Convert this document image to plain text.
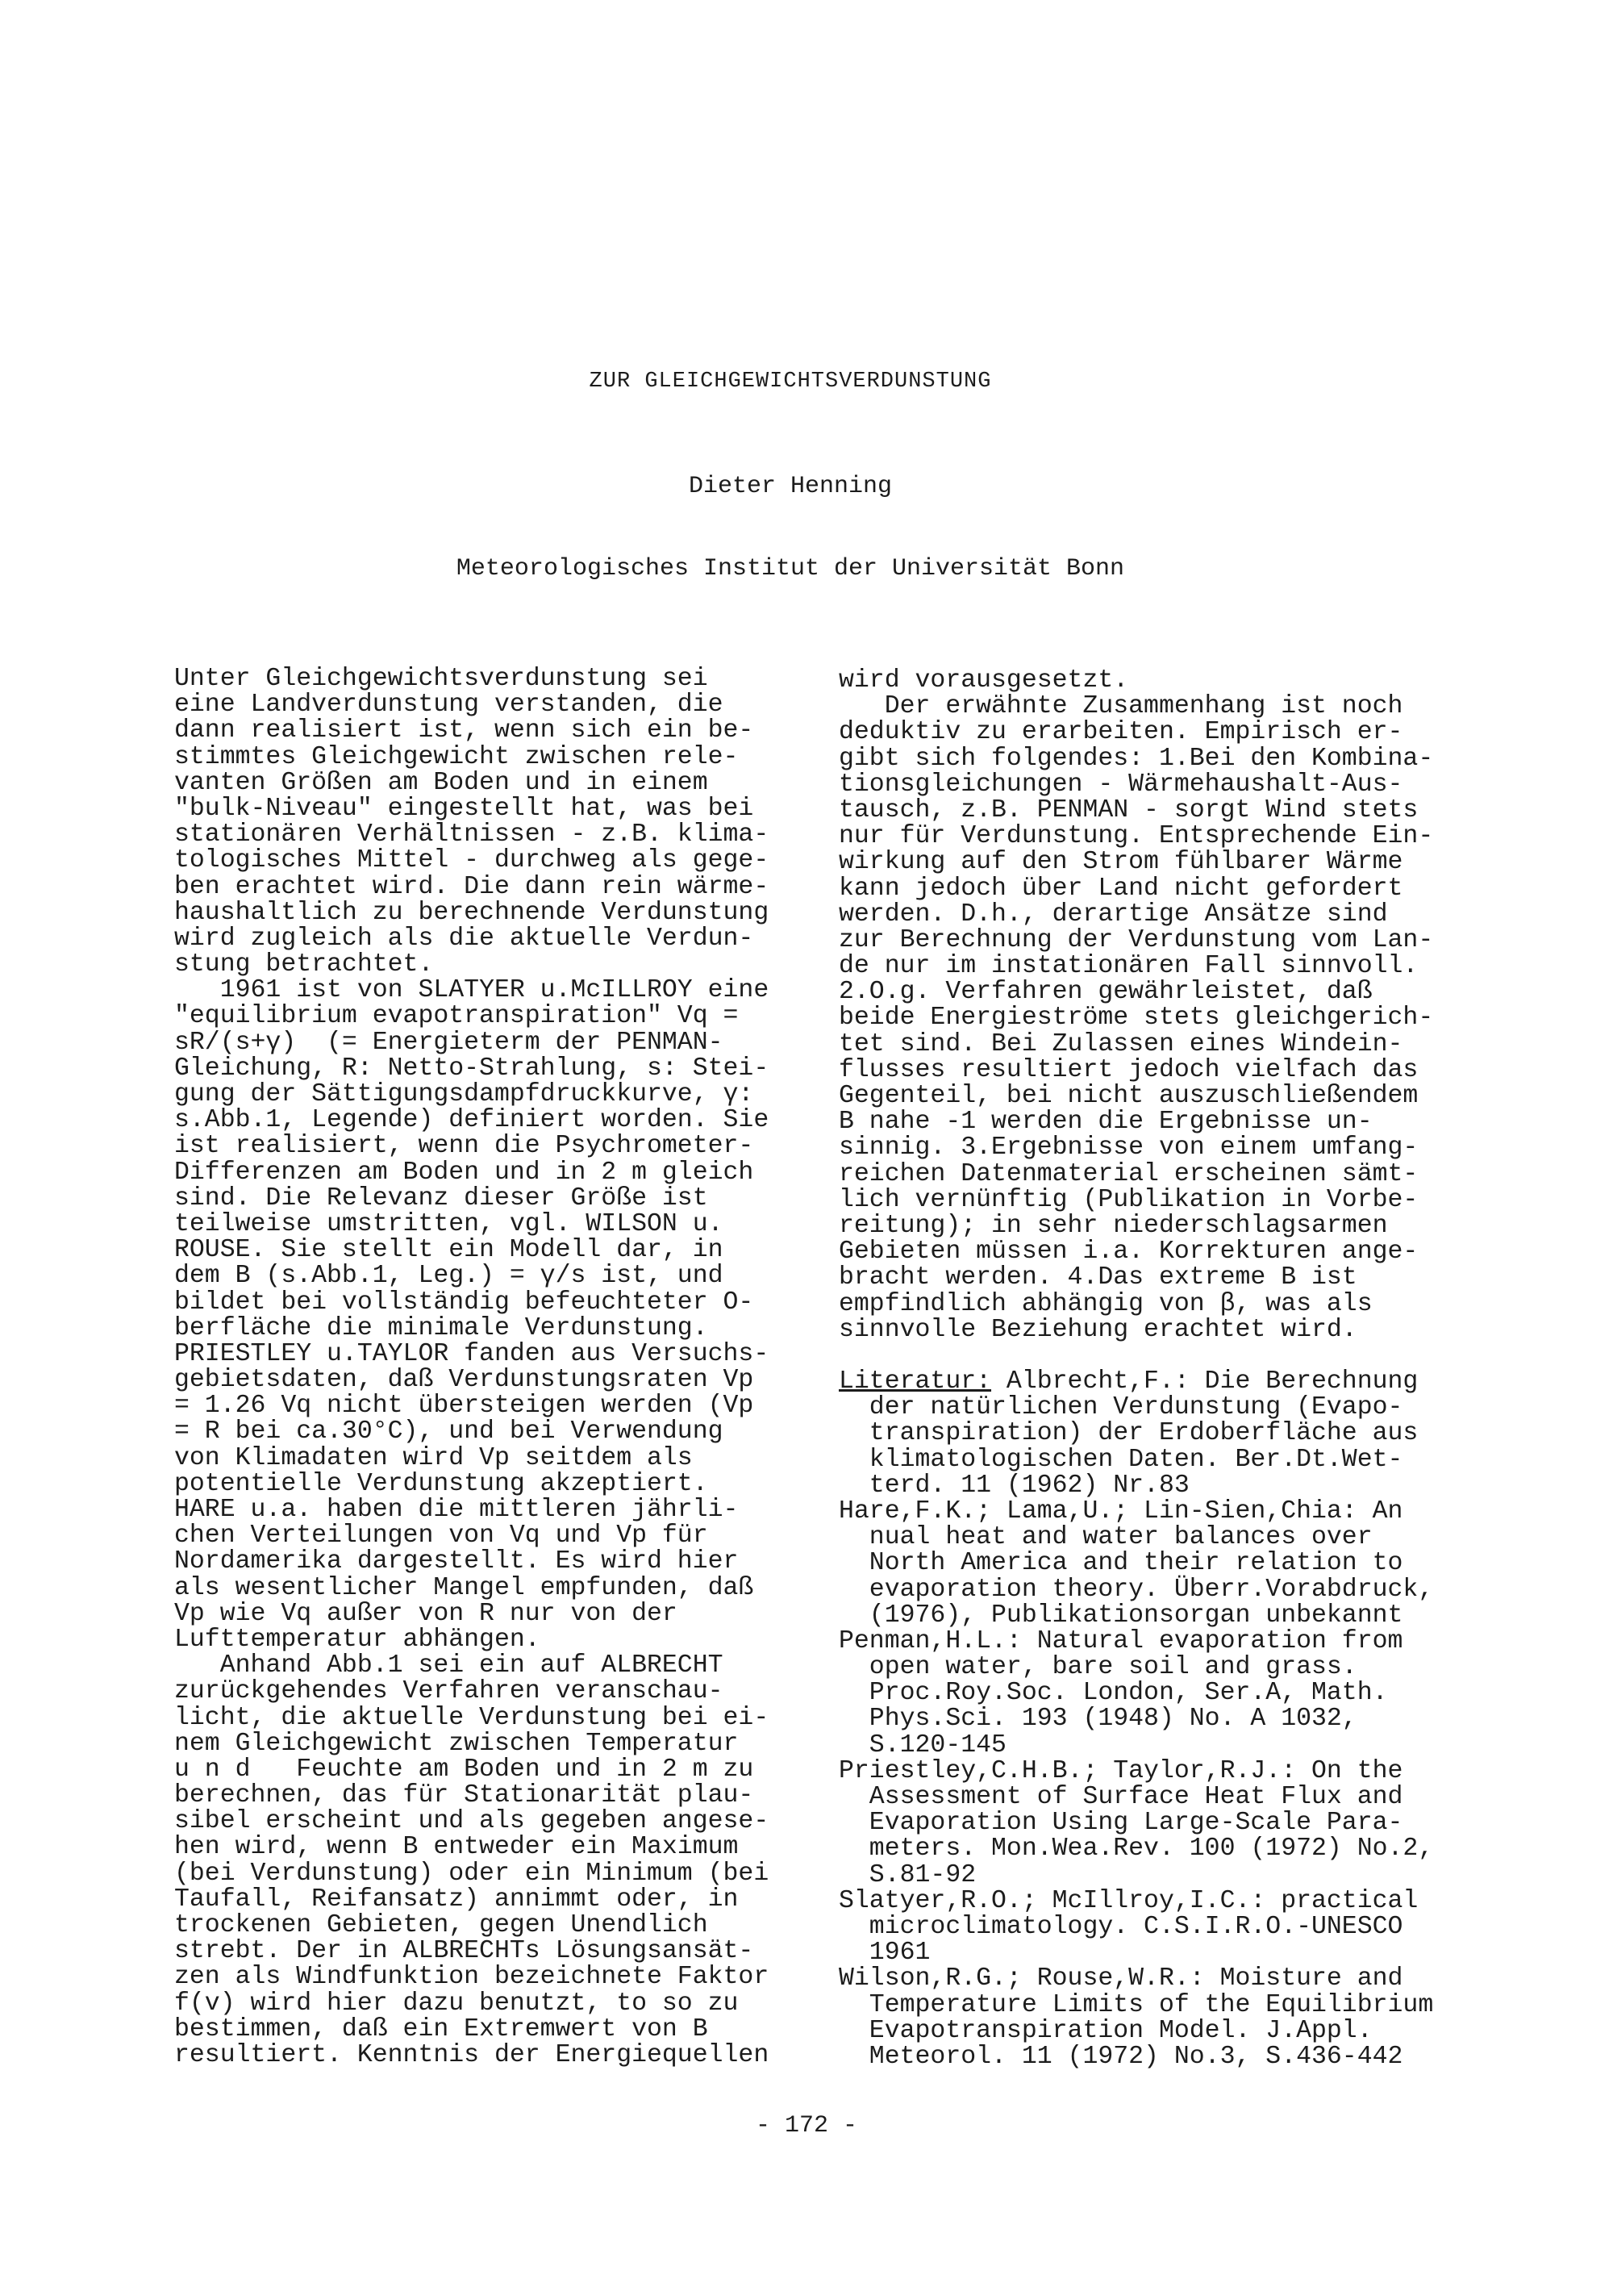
ZUR GLEICHGEWICHTSVERDUNSTUNG
Dieter Henning
Meteorologisches Institut der Universität Bonn
Unter Gleichgewichtsverdunstung sei
eine Landverdunstung verstanden, die
dann realisiert ist, wenn sich ein be-
stimmtes Gleichgewicht zwischen rele-
vanten Größen am Boden und in einem
"bulk-Niveau" eingestellt hat, was bei
stationären Verhältnissen - z.B. klima-
tologisches Mittel - durchweg als gege-
ben erachtet wird. Die dann rein wärme-
haushaltlich zu berechnende Verdunstung
wird zugleich als die aktuelle Verdun-
stung betrachtet.
1961 ist von SLATYER u.McILLROY eine
"equilibrium evapotranspiration" Vq =
sR/(s+γ)  (= Energieterm der PENMAN-
Gleichung, R: Netto-Strahlung, s: Stei-
gung der Sättigungsdampfdruckkurve, γ:
s.Abb.1, Legende) definiert worden. Sie
ist realisiert, wenn die Psychrometer-
Differenzen am Boden und in 2 m gleich
sind. Die Relevanz dieser Größe ist
teilweise umstritten, vgl. WILSON u.
ROUSE. Sie stellt ein Modell dar, in
dem B (s.Abb.1, Leg.) = γ/s ist, und
bildet bei vollständig befeuchteter O-
berfläche die minimale Verdunstung.
PRIESTLEY u.TAYLOR fanden aus Versuchs-
gebietsdaten, daß Verdunstungsraten Vp
= 1.26 Vq nicht übersteigen werden (Vp
= R bei ca.30°C), und bei Verwendung
von Klimadaten wird Vp seitdem als
potentielle Verdunstung akzeptiert.
HARE u.a. haben die mittleren jährli-
chen Verteilungen von Vq und Vp für
Nordamerika dargestellt. Es wird hier
als wesentlicher Mangel empfunden, daß
Vp wie Vq außer von R nur von der
Lufttemperatur abhängen.
Anhand Abb.1 sei ein auf ALBRECHT
zurückgehendes Verfahren veranschau-
licht, die aktuelle Verdunstung bei ei-
nem Gleichgewicht zwischen Temperatur
u n d   Feuchte am Boden und in 2 m zu
berechnen, das für Stationarität plau-
sibel erscheint und als gegeben angese-
hen wird, wenn B entweder ein Maximum
(bei Verdunstung) oder ein Minimum (bei
Taufall, Reifansatz) annimmt oder, in
trockenen Gebieten, gegen Unendlich
strebt. Der in ALBRECHTs Lösungsansät-
zen als Windfunktion bezeichnete Faktor
f(v) wird hier dazu benutzt, to so zu
bestimmen, daß ein Extremwert von B
resultiert. Kenntnis der Energiequellen
wird vorausgesetzt.
Der erwähnte Zusammenhang ist noch
deduktiv zu erarbeiten. Empirisch er-
gibt sich folgendes: 1.Bei den Kombina-
tionsgleichungen - Wärmehaushalt-Aus-
tausch, z.B. PENMAN - sorgt Wind stets
nur für Verdunstung. Entsprechende Ein-
wirkung auf den Strom fühlbarer Wärme
kann jedoch über Land nicht gefordert
werden. D.h., derartige Ansätze sind
zur Berechnung der Verdunstung vom Lan-
de nur im instationären Fall sinnvoll.
2.O.g. Verfahren gewährleistet, daß
beide Energieströme stets gleichgerich-
tet sind. Bei Zulassen eines Windein-
flusses resultiert jedoch vielfach das
Gegenteil, bei nicht auszuschließendem
B nahe -1 werden die Ergebnisse un-
sinnig. 3.Ergebnisse von einem umfang-
reichen Datenmaterial erscheinen sämt-
lich vernünftig (Publikation in Vorbe-
reitung); in sehr niederschlagsarmen
Gebieten müssen i.a. Korrekturen ange-
bracht werden. 4.Das extreme B ist
empfindlich abhängig von β, was als
sinnvolle Beziehung erachtet wird.
Literatur: Albrecht,F.: Die Berechnung
der natürlichen Verdunstung (Evapo-
transpiration) der Erdoberfläche aus
klimatologischen Daten. Ber.Dt.Wet-
terd. 11 (1962) Nr.83
Hare,F.K.; Lama,U.; Lin-Sien,Chia: An
nual heat and water balances over
North America and their relation to
evaporation theory. Überr.Vorabdruck,
(1976), Publikationsorgan unbekannt
Penman,H.L.: Natural evaporation from
open water, bare soil and grass.
Proc.Roy.Soc. London, Ser.A, Math.
Phys.Sci. 193 (1948) No. A 1032,
S.120-145
Priestley,C.H.B.; Taylor,R.J.: On the
Assessment of Surface Heat Flux and
Evaporation Using Large-Scale Para-
meters. Mon.Wea.Rev. 100 (1972) No.2,
S.81-92
Slatyer,R.O.; McIllroy,I.C.: practical
microclimatology. C.S.I.R.O.-UNESCO
1961
Wilson,R.G.; Rouse,W.R.: Moisture and
Temperature Limits of the Equilibrium
Evapotranspiration Model. J.Appl.
Meteorol. 11 (1972) No.3, S.436-442
- 172 -
